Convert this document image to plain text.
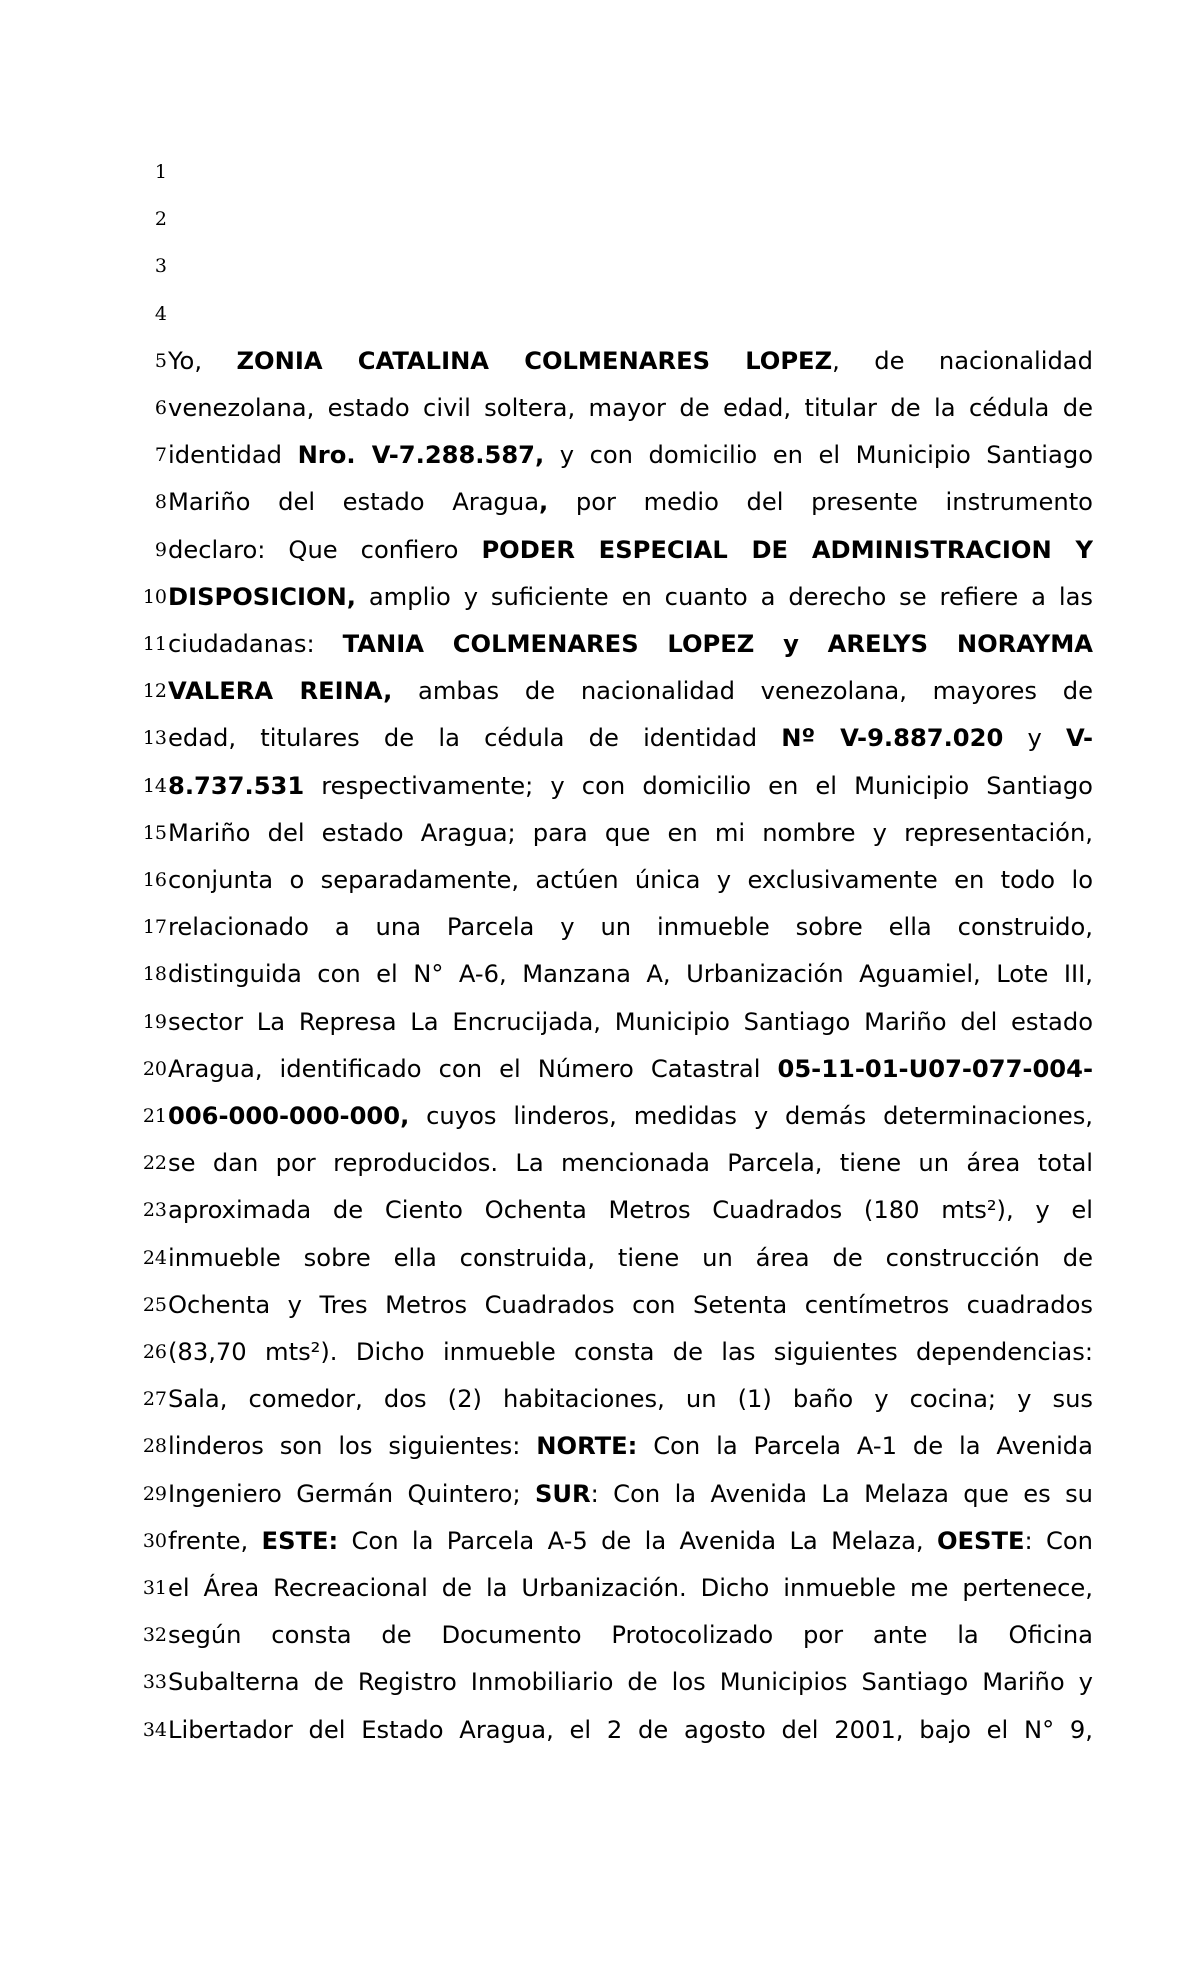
1
2
3
4
5 Yo, ZONIA CATALINA COLMENARES LOPEZ, de nacionalidad
6 venezolana, estado civil soltera, mayor de edad, titular de la cédula de
7 identidad Nro. V-7.288.587, y con domicilio en el Municipio Santiago
8 Mariño del estado Aragua, por medio del presente instrumento
9 declaro: Que confiero PODER ESPECIAL DE ADMINISTRACION Y
10 DISPOSICION, amplio y suficiente en cuanto a derecho se refiere a las
11 ciudadanas: TANIA COLMENARES LOPEZ y ARELYS NORAYMA
12 VALERA REINA, ambas de nacionalidad venezolana, mayores de
13 edad, titulares de la cédula de identidad Nº V-9.887.020 y V-
14 8.737.531 respectivamente; y con domicilio en el Municipio Santiago
15 Mariño del estado Aragua; para que en mi nombre y representación,
16 conjunta o separadamente, actúen única y exclusivamente en todo lo
17 relacionado a una Parcela y un inmueble sobre ella construido,
18 distinguida con el N° A-6, Manzana A, Urbanización Aguamiel, Lote III,
19 sector La Represa La Encrucijada, Municipio Santiago Mariño del estado
20 Aragua, identificado con el Número Catastral 05-11-01-U07-077-004-
21 006-000-000-000, cuyos linderos, medidas y demás determinaciones,
22 se dan por reproducidos. La mencionada Parcela, tiene un área total
23 aproximada de Ciento Ochenta Metros Cuadrados (180 mts²), y el
24 inmueble sobre ella construida, tiene un área de construcción de
25 Ochenta y Tres Metros Cuadrados con Setenta centímetros cuadrados
26 (83,70 mts²). Dicho inmueble consta de las siguientes dependencias:
27 Sala, comedor, dos (2) habitaciones, un (1) baño y cocina; y sus
28 linderos son los siguientes: NORTE: Con la Parcela A-1 de la Avenida
29 Ingeniero Germán Quintero; SUR: Con la Avenida La Melaza que es su
30 frente, ESTE: Con la Parcela A-5 de la Avenida La Melaza, OESTE: Con
31 el Área Recreacional de la Urbanización. Dicho inmueble me pertenece,
32 según consta de Documento Protocolizado por ante la Oficina
33 Subalterna de Registro Inmobiliario de los Municipios Santiago Mariño y
34 Libertador del Estado Aragua, el 2 de agosto del 2001, bajo el N° 9,
